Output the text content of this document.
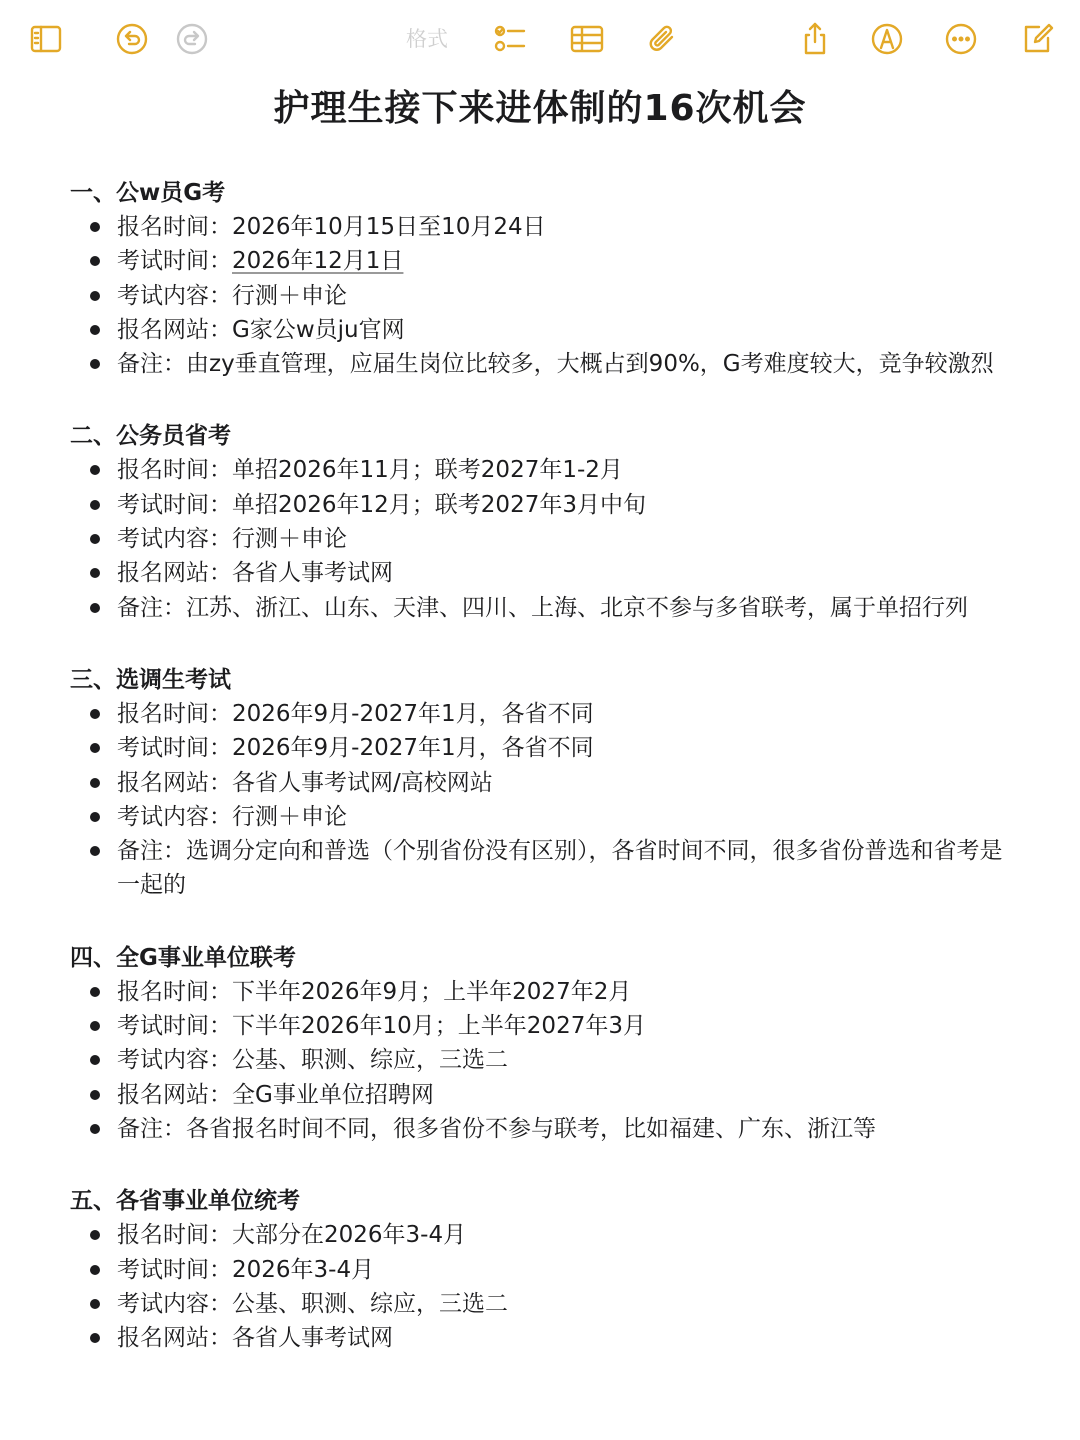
格式
护理生接下来进体制的16次机会
一、公w员G考
报名时间：2026年10月15日至10月24日
考试时间：2026年12月1日
考试内容：行测＋申论
报名网站：G家公w员ju官网
备注：由zy垂直管理，应届生岗位比较多，大概占到90%，G考难度较大，竞争较激烈
二、公务员省考
报名时间：单招2026年11月；联考2027年1-2月
考试时间：单招2026年12月；联考2027年3月中旬
考试内容：行测＋申论
报名网站：各省人事考试网
备注：江苏、浙江、山东、天津、四川、上海、北京不参与多省联考，属于单招行列
三、选调生考试
报名时间：2026年9月-2027年1月，各省不同
考试时间：2026年9月-2027年1月，各省不同
报名网站：各省人事考试网/高校网站
考试内容：行测＋申论
备注：选调分定向和普选（个别省份没有区别），各省时间不同，很多省份普选和省考是一起的
四、全G事业单位联考
报名时间：下半年2026年9月；上半年2027年2月
考试时间：下半年2026年10月；上半年2027年3月
考试内容：公基、职测、综应，三选二
报名网站：全G事业单位招聘网
备注：各省报名时间不同，很多省份不参与联考，比如福建、广东、浙江等
五、各省事业单位统考
报名时间：大部分在2026年3-4月
考试时间：2026年3-4月
考试内容：公基、职测、综应，三选二
报名网站：各省人事考试网
